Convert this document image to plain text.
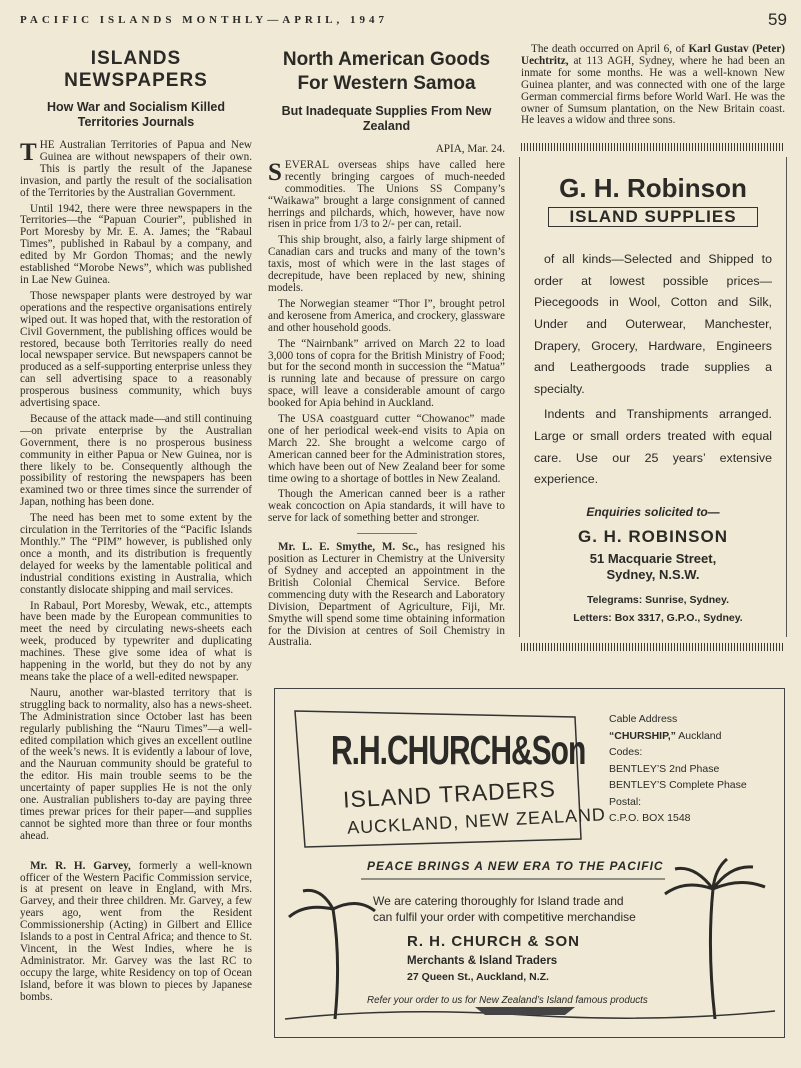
PACIFIC ISLANDS MONTHLY—APRIL, 1947	59
ISLANDS NEWSPAPERS
How War and Socialism Killed Territories Journals

THE Australian Territories of Papua and New Guinea are without newspapers of their own. This is partly the result of the Japanese invasion, and partly the result of the socialisation of the Territories by the Australian Government.

Until 1942, there were three newspapers in the Territories—the “Papuan Courier”, published in Port Moresby by Mr. E. A. James; the “Rabaul Times”, published in Rabaul by a company, and edited by Mr Gordon Thomas; and the newly established “Morobe News”, which was published in Lae New Guinea.

Those newspaper plants were destroyed by war operations and the respective organisations entirely wiped out. It was hoped that, with the restoration of Civil Government, the publishing offices would be restored, because both Territories really do need local newspaper service. But newspapers cannot be produced as a self-supporting enterprise unless they can sell advertising space to a reasonably prosperous business community, which buys advertising space.

Because of the attack made—and still continuing—on private enterprise by the Australian Government, there is no prosperous business community in either Papua or New Guinea, nor is there likely to be. Consequently although the possibility of restoring the newspapers has been examined two or three times since the surrender of Japan, nothing has been done.

The need has been met to some extent by the circulation in the Territories of the “Pacific Islands Monthly.” The “PIM” however, is published only once a month, and its distribution is frequently delayed for weeks by the lamentable political and industrial conditions existing in Australia, which constantly dislocate shipping and mail services.

In Rabaul, Port Moresby, Wewak, etc., attempts have been made by the European communities to meet the need by circulating news-sheets each week, produced by typewriter and duplicating machines. These give some idea of what is happening in the world, but they do not by any means take the place of a well-edited newspaper.

Nauru, another war-blasted territory that is struggling back to normality, also has a news-sheet. The Administration since October last has been regularly publishing the “Nauru Times”—a well-edited compilation which gives an excellent outline of the week’s news. It is evidently a labour of love, and the Nauruan community should be grateful to the editor. His main trouble seems to be the uncertainty of paper supplies He is not the only one. Australian publishers to-day are paying three times prewar prices for their paper—and supplies cannot be sighted more than three or four months ahead.

Mr. R. H. Garvey, formerly a well-known officer of the Western Pacific Commission service, is at present on leave in England, with Mrs. Garvey, and their three children. Mr. Garvey, a few years ago, went from the Resident Commissionership (Acting) in Gilbert and Ellice Islands to a post in Central Africa; and thence to St. Vincent, in the West Indies, where he is Administrator. Mr. Garvey was the last RC to occupy the large, white Residency on top of Ocean Island, before it was blown to pieces by Japanese bombs.

North American Goods For Western Samoa
But Inadequate Supplies From New Zealand

APIA, Mar. 24.

SEVERAL overseas ships have called here recently bringing cargoes of much-needed commodities. The Unions SS Company’s “Waikawa” brought a large consignment of canned herrings and pilchards, which, however, have now risen in price from 1/3 to 2/- per can, retail.

This ship brought, also, a fairly large shipment of Canadian cars and trucks and many of the town’s taxis, most of which were in the last stages of decrepitude, have been replaced by new, shining models.

The Norwegian steamer “Thor I”, brought petrol and kerosene from America, and crockery, glassware and other household goods.

The “Nairnbank” arrived on March 22 to load 3,000 tons of copra for the British Ministry of Food; but for the second month in succession the “Matua” is running late and because of pressure on cargo space, will leave a considerable amount of cargo booked for Apia behind in Auckland.

The USA coastguard cutter “Chowanoc” made one of her periodical week-end visits to Apia on March 22. She brought a welcome cargo of American canned beer for the Administration stores, which have been out of New Zealand beer for some time owing to a shortage of bottles in New Zealand.

Though the American canned beer is a rather weak concoction on Apia standards, it will have to serve for lack of something better and stronger.

Mr. L. E. Smythe, M. Sc., has resigned his position as Lecturer in Chemistry at the University of Sydney and accepted an appointment in the British Colonial Chemical Service. Before commencing duty with the Research and Laboratory Division, Department of Agriculture, Fiji, Mr. Smythe will spend some time obtaining information for the Division at centres of Soil Chemistry in Australia.

The death occurred on April 6, of Karl Gustav (Peter) Uechtritz, at 113 AGH, Sydney, where he had been an inmate for some months. He was a well-known New Guinea planter, and was connected with one of the large German commercial firms before World WarI. He was the owner of Sumsum plantation, on the New Britain coast. He leaves a widow and three sons.

G. H. Robinson
ISLAND SUPPLIES

of all kinds—Selected and Shipped to order at lowest possible prices—Piecegoods in Wool, Cotton and Silk, Under and Outerwear, Manchester, Drapery, Grocery, Hardware, Engineers and Leathergoods trade supplies a specialty.

Indents and Transhipments arranged. Large or small orders treated with equal care. Use our 25 years’ extensive experience.

Enquiries solicited to—
G. H. ROBINSON
51 Macquarie Street,
Sydney, N.S.W.

Telegrams: Sunrise, Sydney.

Letters: Box 3317, G.P.O., Sydney.

R.H.CHURCH&Son
ISLAND TRADERS
AUCKLAND, NEW ZEALAND
Cable Address
“CHURSHIP,” Auckland
Codes:
BENTLEY’S 2nd Phase
BENTLEY’S Complete Phase
Postal:
C.P.O. BOX 1548
PEACE BRINGS A NEW ERA TO THE PACIFIC
We are catering thoroughly for Island trade and
can fulfil your order with competitive merchandise
R. H. CHURCH & SON
Merchants & Island Traders
27 Queen St., Auckland, N.Z.
Refer your order to us for New Zealand’s Island famous products
